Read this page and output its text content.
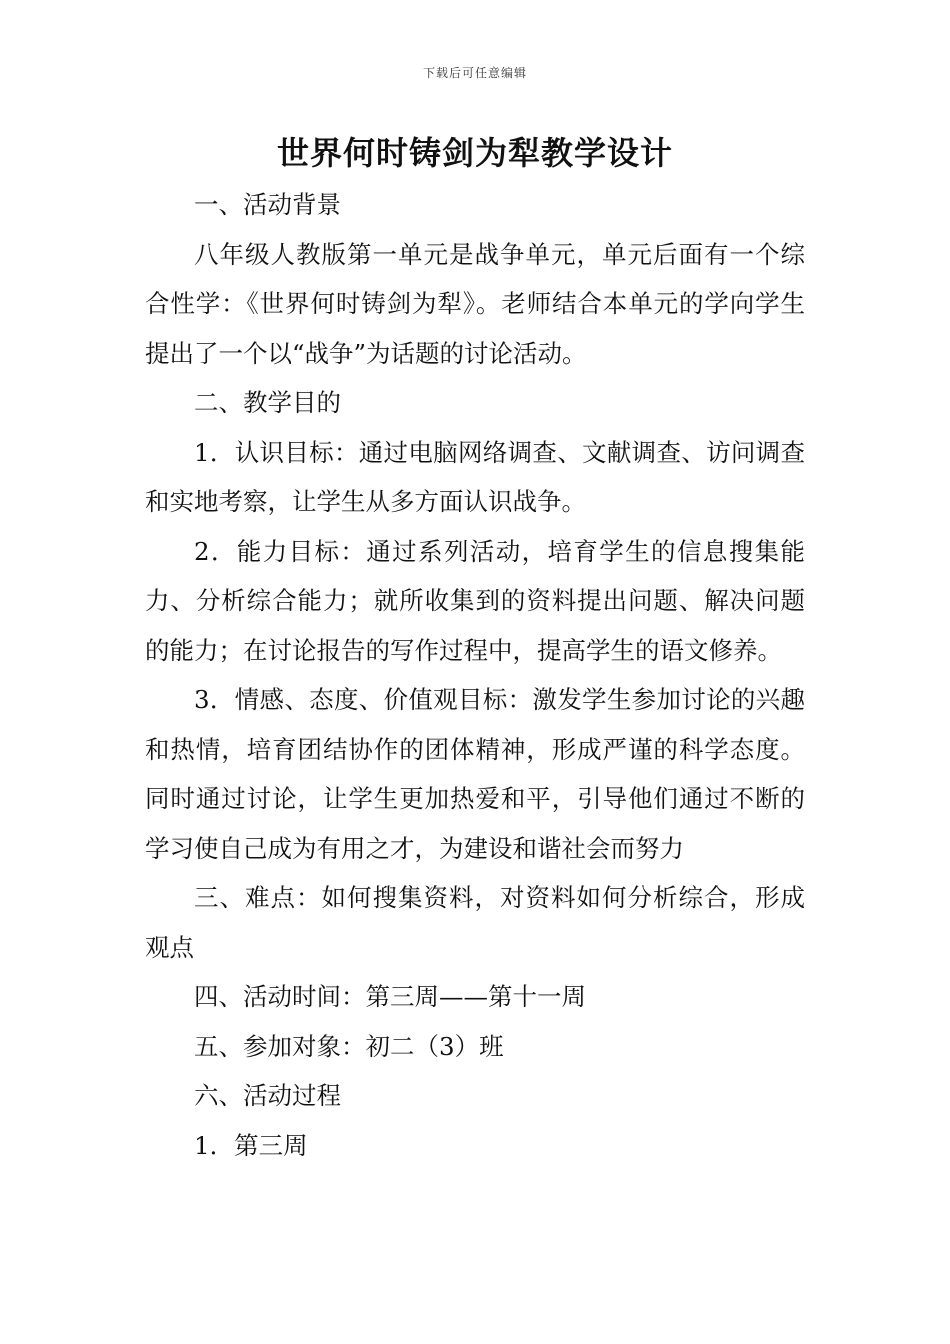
下载后可任意编辑
世界何时铸剑为犁教学设计

一、活动背景

八年级人教版第一单元是战争单元，单元后面有一个综合性学：《世界何时铸剑为犁》。老师结合本单元的学向学生提出了一个以“战争”为话题的讨论活动。

二、教学目的

1．认识目标：通过电脑网络调查、文献调查、访问调查和实地考察，让学生从多方面认识战争。

2．能力目标：通过系列活动，培育学生的信息搜集能力、分析综合能力；就所收集到的资料提出问题、解决问题的能力；在讨论报告的写作过程中，提高学生的语文修养。

3．情感、态度、价值观目标：激发学生参加讨论的兴趣和热情，培育团结协作的团体精神，形成严谨的科学态度。同时通过讨论，让学生更加热爱和平，引导他们通过不断的学习使自己成为有用之才，为建设和谐社会而努力

三、难点：如何搜集资料，对资料如何分析综合，形成观点

四、活动时间：第三周——第十一周

五、参加对象：初二（3）班

六、活动过程

1．第三周
